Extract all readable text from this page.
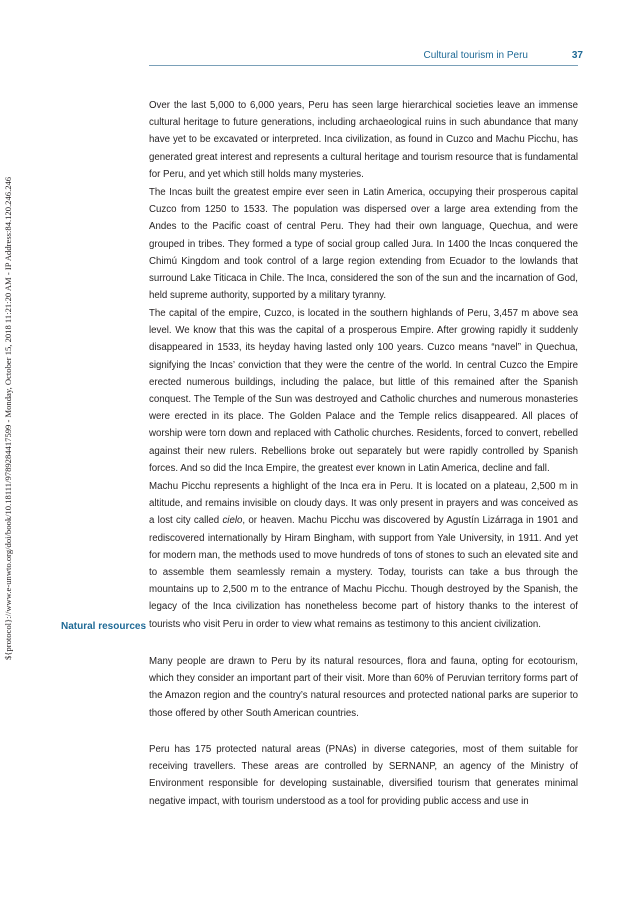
${protocol}://www.e-unwto.org/doi/book/10.18111/9789284417599 - Monday, October 15, 2018 11:21:20 AM - IP Address:84.120.246.246
Cultural tourism in Peru	37

Over the last 5,000 to 6,000 years, Peru has seen large hierarchical societies leave an immense cultural heritage to future generations, including archaeological ruins in such abundance that many have yet to be excavated or interpreted. Inca civilization, as found in Cuzco and Machu Picchu, has generated great interest and represents a cultural heritage and tourism resource that is fundamental for Peru, and yet which still holds many mysteries.

The Incas built the greatest empire ever seen in Latin America, occupying their prosperous capital Cuzco from 1250 to 1533. The population was dispersed over a large area extending from the Andes to the Pacific coast of central Peru. They had their own language, Quechua, and were grouped in tribes. They formed a type of social group called Jura. In 1400 the Incas conquered the Chimú Kingdom and took control of a large region extending from Ecuador to the lowlands that surround Lake Titicaca in Chile. The Inca, considered the son of the sun and the incarnation of God, held supreme authority, supported by a military tyranny.

The capital of the empire, Cuzco, is located in the southern highlands of Peru, 3,457 m above sea level. We know that this was the capital of a prosperous Empire. After growing rapidly it suddenly disappeared in 1533, its heyday having lasted only 100 years. Cuzco means “navel” in Quechua, signifying the Incas’ conviction that they were the centre of the world. In central Cuzco the Empire erected numerous buildings, including the palace, but little of this remained after the Spanish conquest. The Temple of the Sun was destroyed and Catholic churches and numerous monasteries were erected in its place. The Golden Palace and the Temple relics disappeared. All places of worship were torn down and replaced with Catholic churches. Residents, forced to convert, rebelled against their new rulers. Rebellions broke out separately but were rapidly controlled by Spanish forces. And so did the Inca Empire, the greatest ever known in Latin America, decline and fall.

Machu Picchu represents a highlight of the Inca era in Peru. It is located on a plateau, 2,500 m in altitude, and remains invisible on cloudy days. It was only present in prayers and was conceived as a lost city called cielo, or heaven. Machu Picchu was discovered by Agustín Lizárraga in 1901 and rediscovered internationally by Hiram Bingham, with support from Yale University, in 1911. And yet for modern man, the methods used to move hundreds of tons of stones to such an elevated site and to assemble them seamlessly remain a mystery. Today, tourists can take a bus through the mountains up to 2,500 m to the entrance of Machu Picchu. Though destroyed by the Spanish, the legacy of the Inca civilization has nonetheless become part of history thanks to the interest of tourists who visit Peru in order to view what remains as testimony to this ancient civilization.

Natural resources

Many people are drawn to Peru by its natural resources, flora and fauna, opting for ecotourism, which they consider an important part of their visit. More than 60% of Peruvian territory forms part of the Amazon region and the country’s natural resources and protected national parks are superior to those offered by other South American countries.

Peru has 175 protected natural areas (PNAs) in diverse categories, most of them suitable for receiving travellers. These areas are controlled by SERNANP, an agency of the Ministry of Environment responsible for developing sustainable, diversified tourism that generates minimal negative impact, with tourism understood as a tool for providing public access and use in
